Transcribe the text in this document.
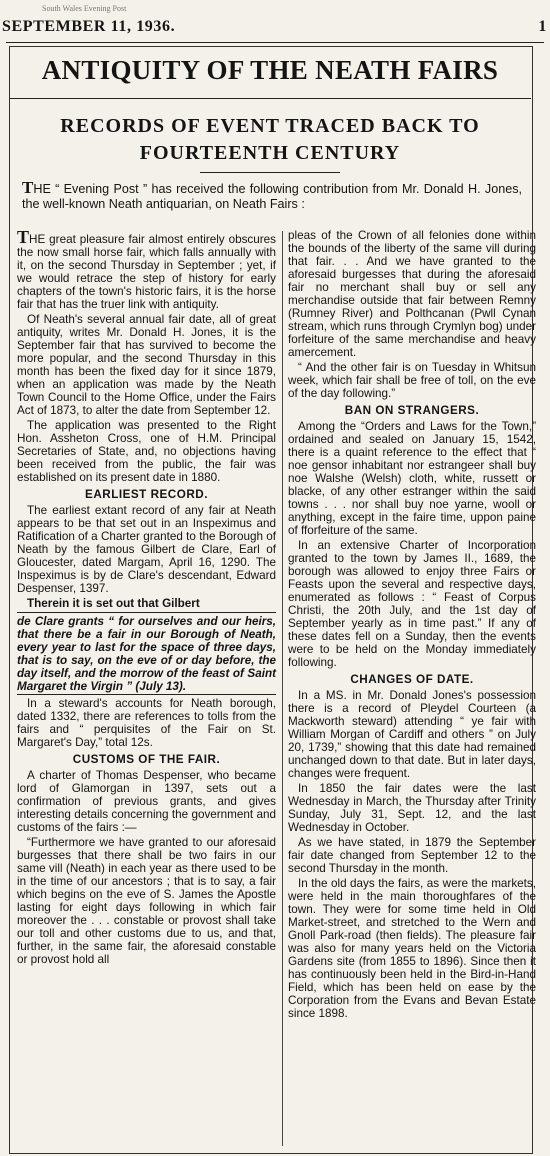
South Wales Evening Post
SEPTEMBER 11, 1936.	1
ANTIQUITY OF THE NEATH FAIRS
RECORDS OF EVENT TRACED BACK TO
FOURTEENTH CENTURY
THE “ Evening Post ” has received the following contribution from Mr. Donald H. Jones, the well-known Neath antiquarian, on Neath Fairs :

THE great pleasure fair almost entirely obscures the now small horse fair, which falls annually with it, on the second Thursday in September ; yet, if we would retrace the step of history for early chapters of the town's historic fairs, it is the horse fair that has the truer link with antiquity.

Of Neath's several annual fair date, all of great antiquity, writes Mr. Donald H. Jones, it is the September fair that has survived to become the more popular, and the second Thursday in this month has been the fixed day for it since 1879, when an application was made by the Neath Town Council to the Home Office, under the Fairs Act of 1873, to alter the date from September 12.

The application was presented to the Right Hon. Assheton Cross, one of H.M. Principal Secretaries of State, and, no objections having been received from the public, the fair was established on its present date in 1880.

EARLIEST RECORD.

The earliest extant record of any fair at Neath appears to be that set out in an Inspeximus and Ratification of a Charter granted to the Borough of Neath by the famous Gilbert de Clare, Earl of Gloucester, dated Margam, April 16, 1290. The Inspeximus is by de Clare's descendant, Edward Despenser, 1397.

Therein it is set out that Gilbert

de Clare grants “ for ourselves and our heirs, that there be a fair in our Borough of Neath, every year to last for the space of three days, that is to say, on the eve of or day before, the day itself, and the morrow of the feast of Saint Margaret the Virgin ” (July 13).

In a steward's accounts for Neath borough, dated 1332, there are references to tolls from the fairs and “ perquisites of the Fair on St. Margaret's Day,” total 12s.

CUSTOMS OF THE FAIR.

A charter of Thomas Despenser, who became lord of Glamorgan in 1397, sets out a confirmation of previous grants, and gives interesting details concerning the government and customs of the fairs :—

“Furthermore we have granted to our aforesaid burgesses that there shall be two fairs in our same vill (Neath) in each year as there used to be in the time of our ancestors ; that is to say, a fair which begins on the eve of S. James the Apostle lasting for eight days following in which fair moreover the . . . constable or provost shall take our toll and other customs due to us, and that, further, in the same fair, the aforesaid constable or provost hold all

pleas of the Crown of all felonies done within the bounds of the liberty of the same vill during that fair. . . And we have granted to the aforesaid burgesses that during the aforesaid fair no merchant shall buy or sell any merchandise outside that fair between Remny (Rumney River) and Polthcanan (Pwll Cynan stream, which runs through Crymlyn bog) under forfeiture of the same merchandise and heavy amercement.

“ And the other fair is on Tuesday in Whitsun week, which fair shall be free of toll, on the eve of the day following.”

BAN ON STRANGERS.

Among the “Orders and Laws for the Town,” ordained and sealed on January 15, 1542, there is a quaint reference to the effect that “ noe gensor inhabitant nor estrangeer shall buy noe Walshe (Welsh) cloth, white, russett or blacke, of any other estranger within the said towns . . . nor shall buy noe yarne, wooll or anything, except in the faire time, uppon paine of fforfeiture of the same.

In an extensive Charter of Incorporation granted to the town by James II., 1689, the borough was allowed to enjoy three Fairs or Feasts upon the several and respective days, enumerated as follows : “ Feast of Corpus Christi, the 20th July, and the 1st day of September yearly as in time past.” If any of these dates fell on a Sunday, then the events were to be held on the Monday immediately following.

CHANGES OF DATE.

In a MS. in Mr. Donald Jones's possession there is a record of Pleydel Courteen (a Mackworth steward) attending “ ye fair with William Morgan of Cardiff and others ” on July 20, 1739,” showing that this date had remained unchanged down to that date. But in later days, changes were frequent.

In 1850 the fair dates were the last Wednesday in March, the Thursday after Trinity Sunday, July 31, Sept. 12, and the last Wednesday in October.

As we have stated, in 1879 the September fair date changed from September 12 to the second Thursday in the month.

In the old days the fairs, as were the markets, were held in the main thoroughfares of the town. They were for some time held in Old Market-street, and stretched to the Wern and Gnoll Park-road (then fields). The pleasure fair was also for many years held on the Victoria Gardens site (from 1855 to 1896). Since then it has continuously been held in the Bird-in-Hand Field, which has been held on ease by the Corporation from the Evans and Bevan Estate since 1898.
